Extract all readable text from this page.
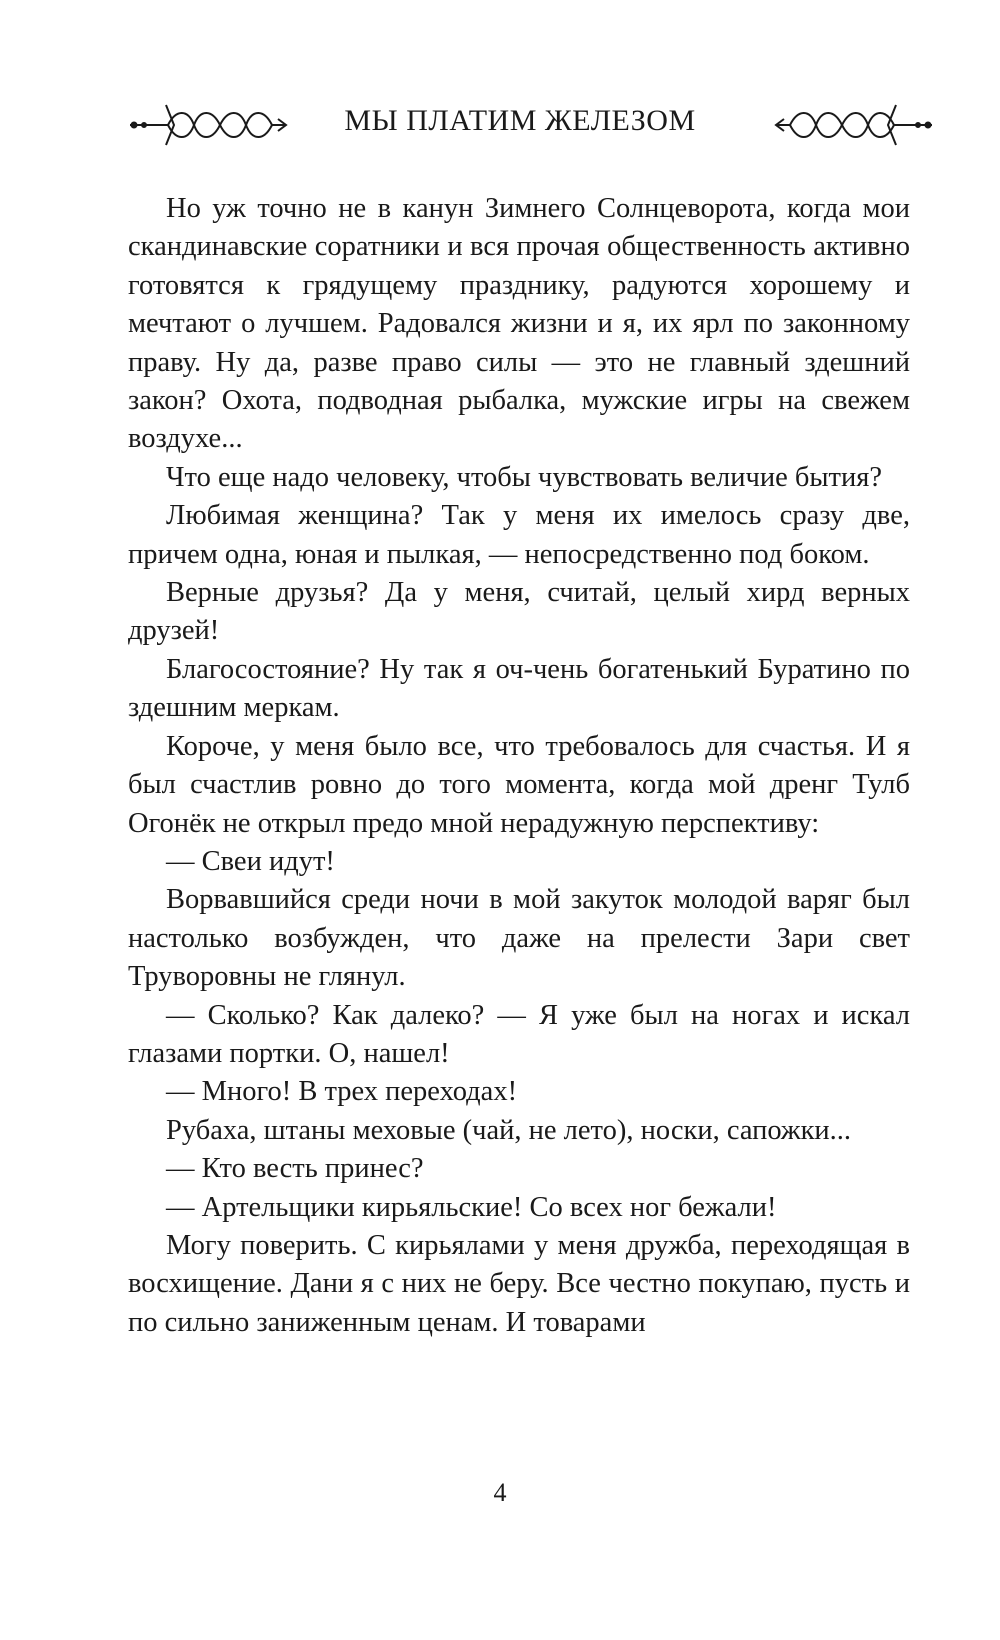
МЫ ПЛАТИМ ЖЕЛЕЗОМ

Но уж точно не в канун Зимнего Солнцеворота, когда мои скандинавские соратники и вся прочая общественность активно готовятся к грядущему празднику, радуются хорошему и мечтают о лучшем. Радовался жизни и я, их ярл по законному праву. Ну да, разве право силы — это не главный здешний закон? Охота, подводная рыбалка, мужские игры на свежем воздухе...

Что еще надо человеку, чтобы чувствовать величие бытия?

Любимая женщина? Так у меня их имелось сразу две, причем одна, юная и пылкая, — непосредственно под боком.

Верные друзья? Да у меня, считай, целый хирд верных друзей!

Благосостояние? Ну так я оч-чень богатенький Буратино по здешним меркам.

Короче, у меня было все, что требовалось для счастья. И я был счастлив ровно до того момента, когда мой дренг Тулб Огонёк не открыл предо мной нерадужную перспективу:

— Свеи идут!

Ворвавшийся среди ночи в мой закуток молодой варяг был настолько возбужден, что даже на прелести Зари свет Труворовны не глянул.

— Сколько? Как далеко? — Я уже был на ногах и искал глазами портки. О, нашел!

— Много! В трех переходах!

Рубаха, штаны меховые (чай, не лето), носки, сапожки...

— Кто весть принес?

— Артельщики кирьяльские! Со всех ног бежали!

Могу поверить. С кирьялами у меня дружба, переходящая в восхищение. Дани я с них не беру. Все честно покупаю, пусть и по сильно заниженным ценам. И товарами

4
